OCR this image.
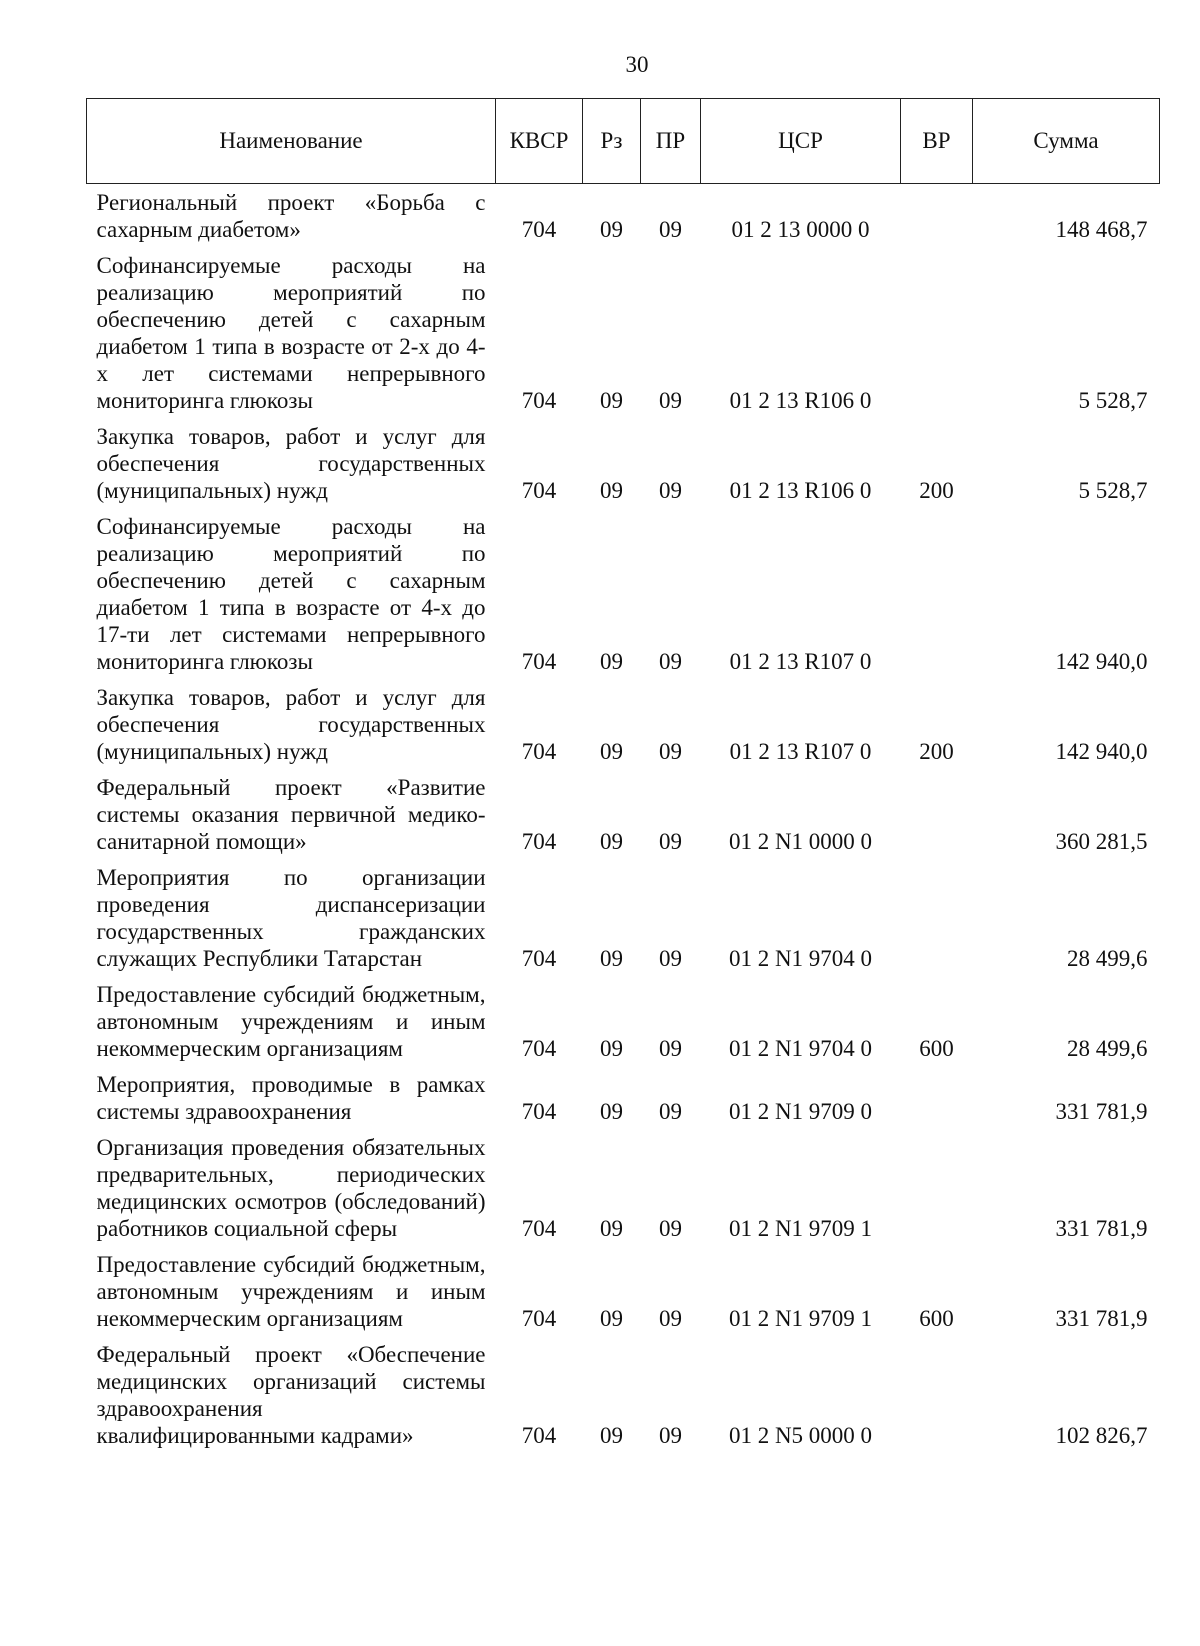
30
Наименование	КВСР	Рз	ПР	ЦСР	ВР	Сумма
Региональный проект «Борьба с сахарным диабетом»	704	09	09	01 2 13 0000 0		148 468,7
Софинансируемые расходы на реализацию мероприятий по обеспечению детей с сахарным диабетом 1 типа в возрасте от 2-х до 4-х лет системами непрерывного мониторинга глюкозы	704	09	09	01 2 13 R106 0		5 528,7
Закупка товаров, работ и услуг для обеспечения государственных (муниципальных) нужд	704	09	09	01 2 13 R106 0	200	5 528,7
Софинансируемые расходы на реализацию мероприятий по обеспечению детей с сахарным диабетом 1 типа в возрасте от 4-х до 17-ти лет системами непрерывного мониторинга глюкозы	704	09	09	01 2 13 R107 0		142 940,0
Закупка товаров, работ и услуг для обеспечения государственных (муниципальных) нужд	704	09	09	01 2 13 R107 0	200	142 940,0
Федеральный проект «Развитие системы оказания первичной медико-санитарной помощи»	704	09	09	01 2 N1 0000 0		360 281,5
Мероприятия по организации проведения диспансеризации государственных гражданских служащих Республики Татарстан	704	09	09	01 2 N1 9704 0		28 499,6
Предоставление субсидий бюджетным, автономным учреждениям и иным некоммерческим организациям	704	09	09	01 2 N1 9704 0	600	28 499,6
Мероприятия, проводимые в рамках системы здравоохранения	704	09	09	01 2 N1 9709 0		331 781,9
Организация проведения обязательных предварительных, периодических медицинских осмотров (обследований) работников социальной сферы	704	09	09	01 2 N1 9709 1		331 781,9
Предоставление субсидий бюджетным, автономным учреждениям и иным некоммерческим организациям	704	09	09	01 2 N1 9709 1	600	331 781,9
Федеральный проект «Обеспечение медицинских организаций системы здравоохранения квалифицированными кадрами»	704	09	09	01 2 N5 0000 0		102 826,7
